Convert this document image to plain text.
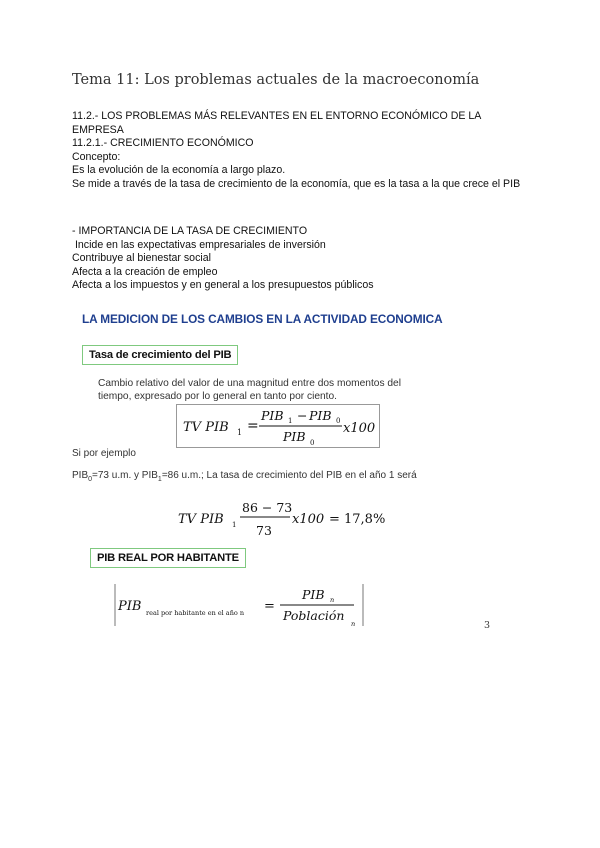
Tema 11: Los problemas actuales de la macroeconomía
11.2.- LOS PROBLEMAS MÁS RELEVANTES EN EL ENTORNO ECONÓMICO DE LA EMPRESA
11.2.1.- CRECIMIENTO ECONÓMICO
Concepto:
Es la evolución de la economía a largo plazo.
Se mide a través de la tasa de crecimiento de la economía, que es la tasa a la que crece el PIB
- IMPORTANCIA DE LA TASA DE CRECIMIENTO
Incide en las expectativas empresariales de inversión
Contribuye al bienestar social
Afecta a la creación de empleo
Afecta a los impuestos y en general a los presupuestos públicos
LA MEDICION DE LOS CAMBIOS EN LA ACTIVIDAD ECONOMICA
Tasa de crecimiento del PIB
Cambio relativo del valor de una magnitud entre dos momentos del tiempo, expresado por lo general en tanto por ciento.
TV PIB 1 =
PIB 1 − PIB 0
PIB 0
x100
Si por ejemplo
$PIB_0=73$ u.m. y $PIB_1=86$ u.m.; La tasa de crecimiento del PIB en el año 1 será
TV PIB 1
86 − 73
73
x100 = 17,8%
PIB REAL POR HABITANTE
PIB real por habitante en el año n =
PIB n
Población
n	3
